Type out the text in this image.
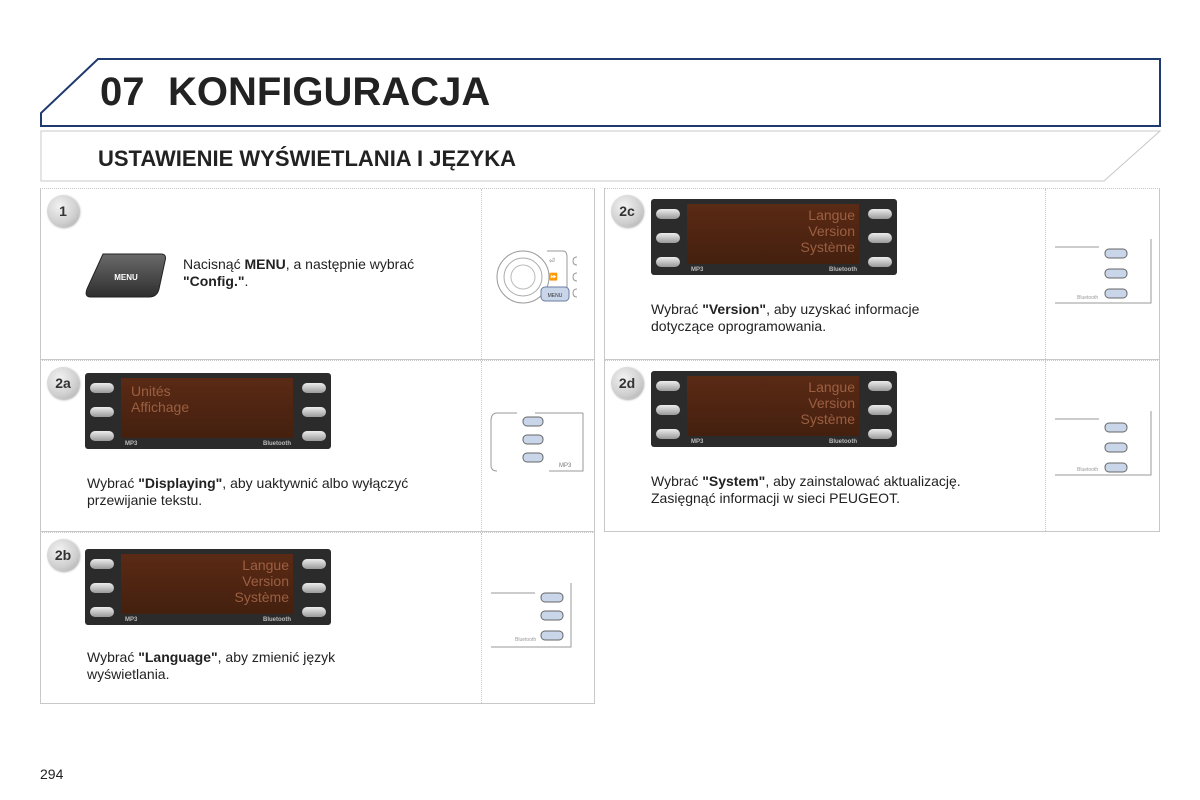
07 KONFIGURACJA
USTAWIENIE WYŚWIETLANIA I JĘZYKA
1
MENU
Nacisnąć MENU, a następnie wybrać
"Config.".
⏎
⏩
MENU
2a	Unités
Affichage
MP3	Bluetooth
Wybrać "Displaying", aby uaktywnić albo wyłączyć
przewijanie tekstu.
MP3
2b
Langue
Version
Système
MP3	Bluetooth
Wybrać "Language", aby zmienić język
wyświetlania.
Bluetooth
2c	Langue
Version
Système
MP3	Bluetooth
Wybrać "Version", aby uzyskać informacje
dotyczące oprogramowania.
Bluetooth
2d	Langue
Version
Système
MP3	Bluetooth
Wybrać "System", aby zainstalować aktualizację.
Zasięgnąć informacji w sieci PEUGEOT.
Bluetooth
294
